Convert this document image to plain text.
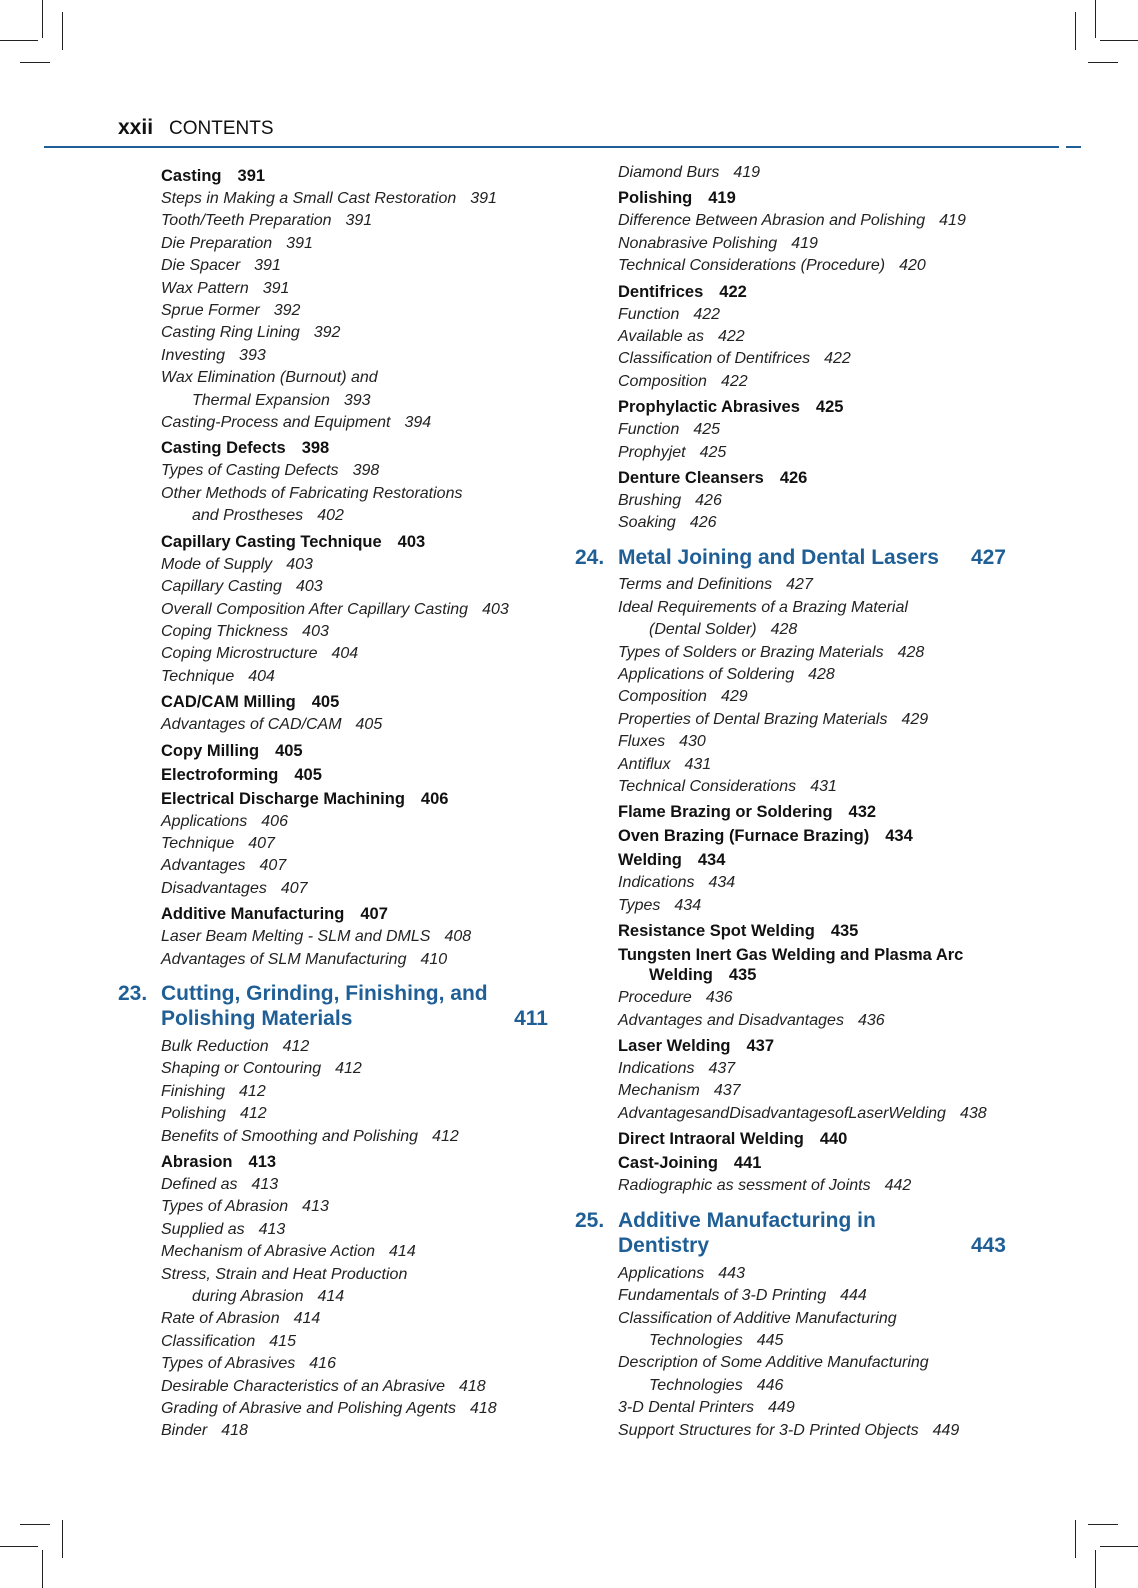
xxii CONTENTS
Casting 391
Steps in Making a Small Cast Restoration 391
Tooth/Teeth Preparation 391
Die Preparation 391
Die Spacer 391
Wax Pattern 391
Sprue Former 392
Casting Ring Lining 392
Investing 393
Wax Elimination (Burnout) and
Thermal Expansion 393
Casting-Process and Equipment 394
Casting Defects 398
Types of Casting Defects 398
Other Methods of Fabricating Restorations
and Prostheses 402
Capillary Casting Technique 403
Mode of Supply 403
Capillary Casting 403
Overall Composition After Capillary Casting 403
Coping Thickness 403
Coping Microstructure 404
Technique 404
CAD/CAM Milling 405
Advantages of CAD/CAM 405
Copy Milling 405
Electroforming 405
Electrical Discharge Machining 406
Applications 406
Technique 407
Advantages 407
Disadvantages 407
Additive Manufacturing 407
Laser Beam Melting - SLM and DMLS 408
Advantages of SLM Manufacturing 410
23. Cutting, Grinding, Finishing, and
Polishing Materials	411
Bulk Reduction 412
Shaping or Contouring 412
Finishing 412
Polishing 412
Benefits of Smoothing and Polishing 412
Abrasion 413
Defined as 413
Types of Abrasion 413
Supplied as 413
Mechanism of Abrasive Action 414
Stress, Strain and Heat Production
during Abrasion 414
Rate of Abrasion 414
Classification 415
Types of Abrasives 416
Desirable Characteristics of an Abrasive 418
Grading of Abrasive and Polishing Agents 418
Binder 418
Diamond Burs 419
Polishing 419
Difference Between Abrasion and Polishing 419
Nonabrasive Polishing 419
Technical Considerations (Procedure) 420
Dentifrices 422
Function 422
Available as 422
Classification of Dentifrices 422
Composition 422
Prophylactic Abrasives 425
Function 425
Prophyjet 425
Denture Cleansers 426
Brushing 426
Soaking 426
24. Metal Joining and Dental Lasers	427
Terms and Definitions 427
Ideal Requirements of a Brazing Material
(Dental Solder) 428
Types of Solders or Brazing Materials 428
Applications of Soldering 428
Composition 429
Properties of Dental Brazing Materials 429
Fluxes 430
Antiflux 431
Technical Considerations 431
Flame Brazing or Soldering 432
Oven Brazing (Furnace Brazing) 434
Welding 434
Indications 434
Types 434
Resistance Spot Welding 435
Tungsten Inert Gas Welding and Plasma Arc
Welding 435
Procedure 436
Advantages and Disadvantages 436
Laser Welding 437
Indications 437
Mechanism 437
AdvantagesandDisadvantagesofLaserWelding 438
Direct Intraoral Welding 440
Cast-Joining 441
Radiographic as sessment of Joints 442
25. Additive Manufacturing in
Dentistry	443
Applications 443
Fundamentals of 3-D Printing 444
Classification of Additive Manufacturing
Technologies 445
Description of Some Additive Manufacturing
Technologies 446
3-D Dental Printers 449
Support Structures for 3-D Printed Objects 449
